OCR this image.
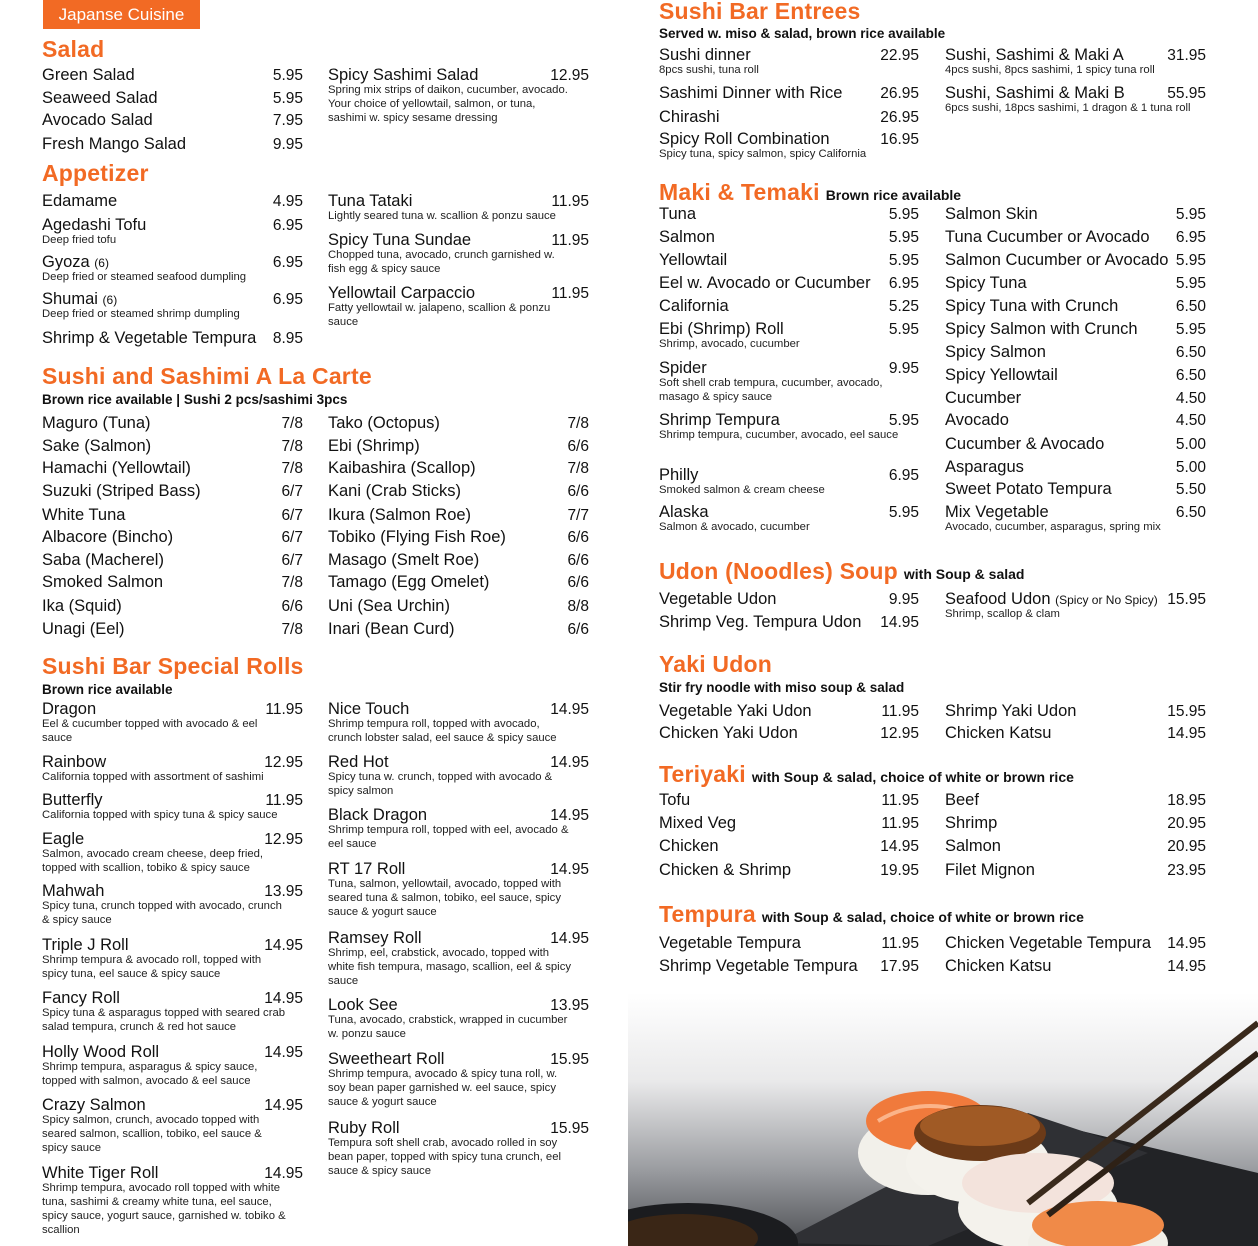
Japanse Cuisine
Salad
Appetizer
Sushi and Sashimi A La Carte
Brown rice available | Sushi 2 pcs/sashimi 3pcs
Sushi Bar Special Rolls
Brown rice available
Sushi Bar Entrees
Served w. miso & salad, brown rice available
Maki & Temaki Brown rice available
Udon (Noodles) Soup with Soup & salad
Yaki Udon
Stir fry noodle with miso soup & salad
Teriyaki with Soup & salad, choice of white or brown rice
Tempura with Soup & salad, choice of white or brown rice
Green Salad	5.95
Seaweed Salad	5.95
Avocado Salad	7.95
Fresh Mango Salad	9.95
Spicy Sashimi Salad	12.95
Spring mix strips of daikon, cucumber, avocado. Your choice of yellowtail, salmon, or tuna, sashimi w. spicy sesame dressing
Edamame	4.95
Agedashi Tofu	6.95
Deep fried tofu
Gyoza (6)	6.95
Deep fried or steamed seafood dumpling
Shumai (6)	6.95
Deep fried or steamed shrimp dumpling
Shrimp & Vegetable Tempura 8.95
Tuna Tataki	11.95
Lightly seared tuna w. scallion & ponzu sauce
Spicy Tuna Sundae	11.95
Chopped tuna, avocado, crunch garnished w. fish egg & spicy sauce
Yellowtail Carpaccio	11.95
Fatty yellowtail w. jalapeno, scallion & ponzu sauce
Maguro (Tuna)	7/8
Sake (Salmon)	7/8
Hamachi (Yellowtail)	7/8
Suzuki (Striped Bass)	6/7
White Tuna	6/7
Albacore (Bincho)	6/7
Saba (Macherel)	6/7
Smoked Salmon	7/8
Ika (Squid)	6/6
Unagi (Eel)	7/8
Tako (Octopus)	7/8
Ebi (Shrimp)	6/6
Kaibashira (Scallop)	7/8
Kani (Crab Sticks)	6/6
Ikura (Salmon Roe)	7/7
Tobiko (Flying Fish Roe)	6/6
Masago (Smelt Roe)	6/6
Tamago (Egg Omelet)	6/6
Uni (Sea Urchin)	8/8
Inari (Bean Curd)	6/6
Dragon	11.95
Eel & cucumber topped with avocado & eel sauce
Rainbow	12.95
California topped with assortment of sashimi
Butterfly	11.95
California topped with spicy tuna & spicy sauce
Eagle	12.95
Salmon, avocado cream cheese, deep fried, topped with scallion, tobiko & spicy sauce
Mahwah	13.95
Spicy tuna, crunch topped with avocado, crunch & spicy sauce
Triple J Roll	14.95
Shrimp tempura & avocado roll, topped with spicy tuna, eel sauce & spicy sauce
Fancy Roll	14.95
Spicy tuna & asparagus topped with seared crab salad tempura, crunch & red hot sauce
Holly Wood Roll	14.95
Shrimp tempura, asparagus & spicy sauce, topped with salmon, avocado & eel sauce
Crazy Salmon	14.95
Spicy salmon, crunch, avocado topped with seared salmon, scallion, tobiko, eel sauce & spicy sauce
White Tiger Roll	14.95
Shrimp tempura, avocado roll topped with white tuna, sashimi & creamy white tuna, eel sauce, spicy sauce, yogurt sauce, garnished w. tobiko & scallion
Nice Touch	14.95
Shrimp tempura roll, topped with avocado, crunch lobster salad, eel sauce & spicy sauce
Red Hot	14.95
Spicy tuna w. crunch, topped with avocado & spicy salmon
Black Dragon	14.95
Shrimp tempura roll, topped with eel, avocado & eel sauce
RT 17 Roll	14.95
Tuna, salmon, yellowtail, avocado, topped with seared tuna & salmon, tobiko, eel sauce, spicy sauce & yogurt sauce
Ramsey Roll	14.95
Shrimp, eel, crabstick, avocado, topped with white fish tempura, masago, scallion, eel & spicy sauce
Look See	13.95
Tuna, avocado, crabstick, wrapped in cucumber w. ponzu sauce
Sweetheart Roll	15.95
Shrimp tempura, avocado & spicy tuna roll, w. soy bean paper garnished w. eel sauce, spicy sauce & yogurt sauce
Ruby Roll	15.95
Tempura soft shell crab, avocado rolled in soy bean paper, topped with spicy tuna crunch, eel sauce & spicy sauce
Sushi dinner	22.95
8pcs sushi, tuna roll
Sashimi Dinner with Rice 26.95
Chirashi	26.95
Spicy Roll Combination	16.95
Spicy tuna, spicy salmon, spicy California
Sushi, Sashimi & Maki A	31.95
4pcs sushi, 8pcs sashimi, 1 spicy tuna roll
Sushi, Sashimi & Maki B	55.95
6pcs sushi, 18pcs sashimi, 1 dragon & 1 tuna roll
Tuna	5.95
Salmon	5.95
Yellowtail	5.95
Eel w. Avocado or Cucumber 6.95
California	5.25
Ebi (Shrimp) Roll	5.95
Shrimp, avocado, cucumber
Spider	9.95
Soft shell crab tempura, cucumber, avocado, masago & spicy sauce
Shrimp Tempura	5.95
Shrimp tempura, cucumber, avocado, eel sauce
Philly	6.95
Smoked salmon & cream cheese
Alaska	5.95
Salmon & avocado, cucumber
Salmon Skin	5.95
Tuna Cucumber or Avocado 6.95
Salmon Cucumber or Avocado 5.95
Spicy Tuna	5.95
Spicy Tuna with Crunch	6.50
Spicy Salmon with Crunch 5.95
Spicy Salmon	6.50
Spicy Yellowtail	6.50
Cucumber	4.50
Avocado	4.50
Cucumber & Avocado	5.00
Asparagus	5.00
Sweet Potato Tempura	5.50
Mix Vegetable	6.50
Avocado, cucumber, asparagus, spring mix
Vegetable Udon	9.95
Shrimp Veg. Tempura Udon 14.95
Seafood Udon (Spicy or No Spicy) 15.95
Shrimp, scallop & clam
Vegetable Yaki Udon	11.95
Chicken Yaki Udon	12.95
Shrimp Yaki Udon	15.95
Chicken Katsu	14.95
Tofu	11.95
Mixed Veg	11.95
Chicken	14.95
Chicken & Shrimp	19.95
Beef	18.95
Shrimp	20.95
Salmon	20.95
Filet Mignon	23.95
Vegetable Tempura	11.95
Shrimp Vegetable Tempura 17.95
Chicken Vegetable Tempura 14.95
Chicken Katsu	14.95
